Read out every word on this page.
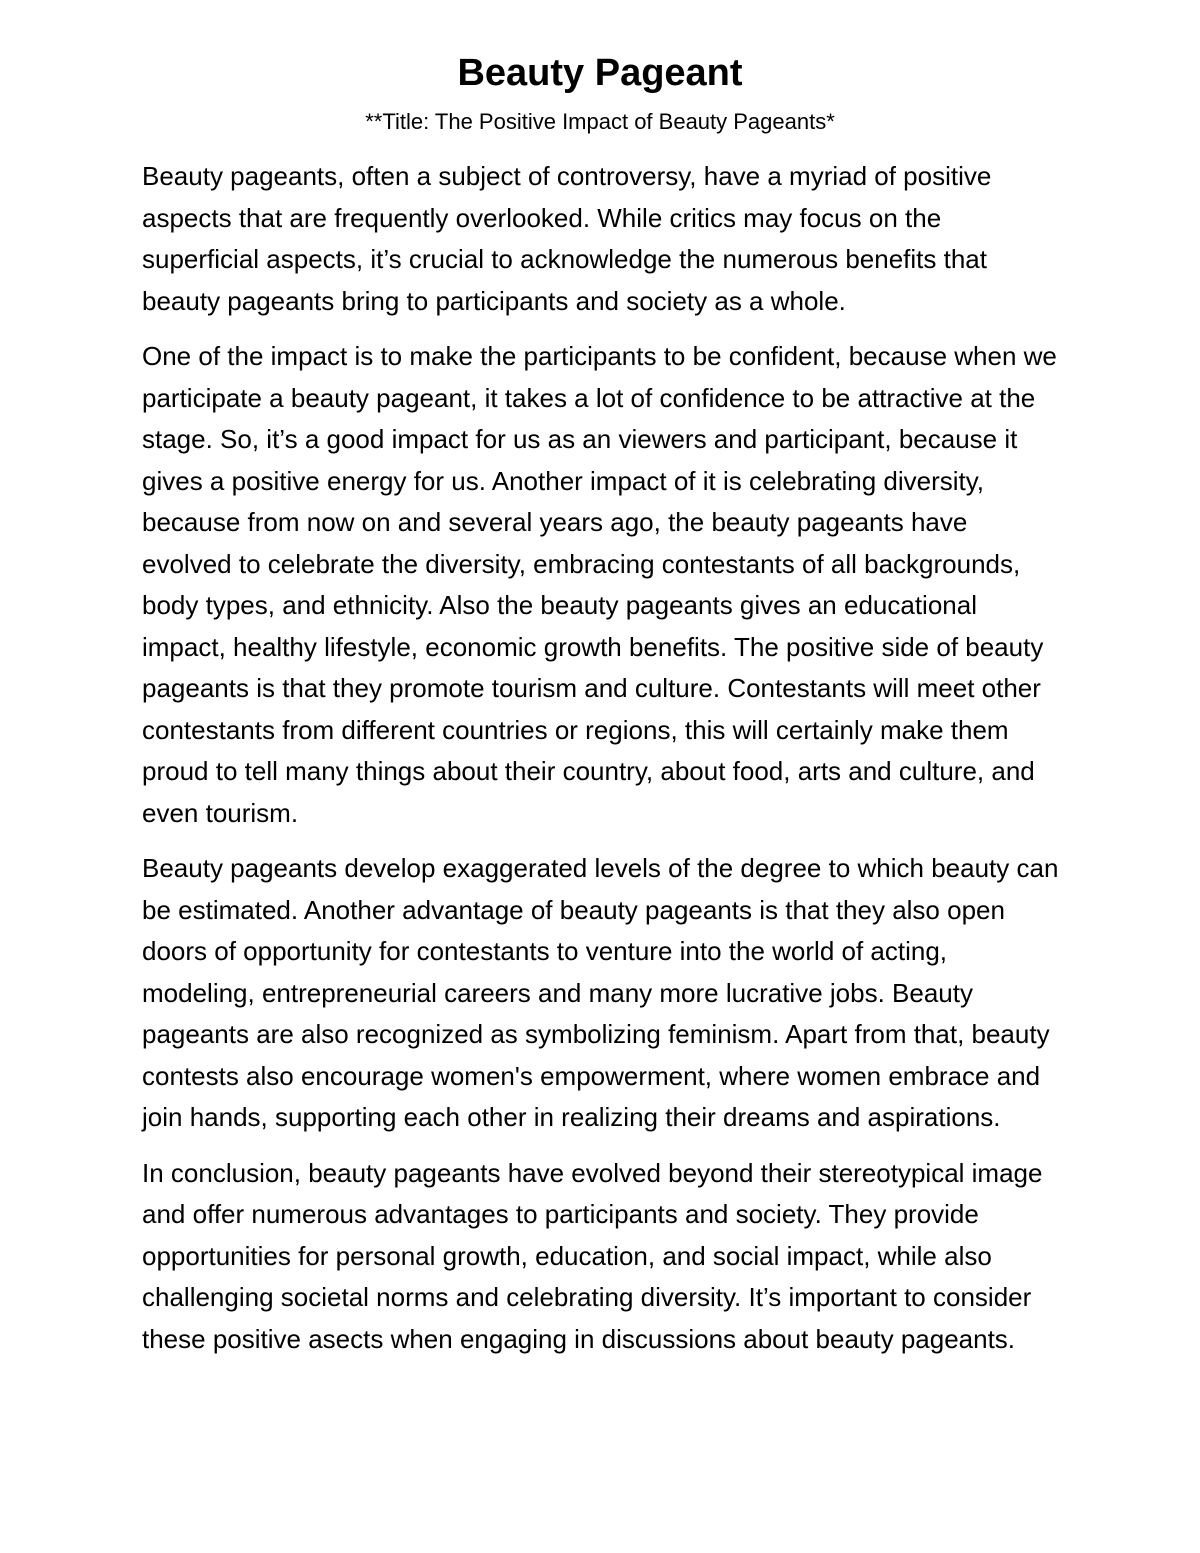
Beauty Pageant

**Title: The Positive Impact of Beauty Pageants*

Beauty pageants, often a subject of controversy, have a myriad of positive aspects that are frequently overlooked. While critics may focus on the superficial aspects, it’s crucial to acknowledge the numerous benefits that beauty pageants bring to participants and society as a whole.

One of the impact is to make the participants to be confident, because when we participate a beauty pageant, it takes a lot of confidence to be attractive at the stage. So, it’s a good impact for us as an viewers and participant, because it gives a positive energy for us. Another impact of it is celebrating diversity, because from now on and several years ago, the beauty pageants have evolved to celebrate the diversity, embracing contestants of all backgrounds, body types, and ethnicity. Also the beauty pageants gives an educational impact, healthy lifestyle, economic growth benefits. The positive side of beauty pageants is that they promote tourism and culture. Contestants will meet other contestants from different countries or regions, this will certainly make them proud to tell many things about their country, about food, arts and culture, and even tourism.

Beauty pageants develop exaggerated levels of the degree to which beauty can be estimated. Another advantage of beauty pageants is that they also open doors of opportunity for contestants to venture into the world of acting, modeling, entrepreneurial careers and many more lucrative jobs. Beauty pageants are also recognized as symbolizing feminism. Apart from that, beauty contests also encourage women's empowerment, where women embrace and join hands, supporting each other in realizing their dreams and aspirations.

In conclusion, beauty pageants have evolved beyond their stereotypical image and offer numerous advantages to participants and society. They provide opportunities for personal growth, education, and social impact, while also challenging societal norms and celebrating diversity. It’s important to consider these positive asects when engaging in discussions about beauty pageants.
